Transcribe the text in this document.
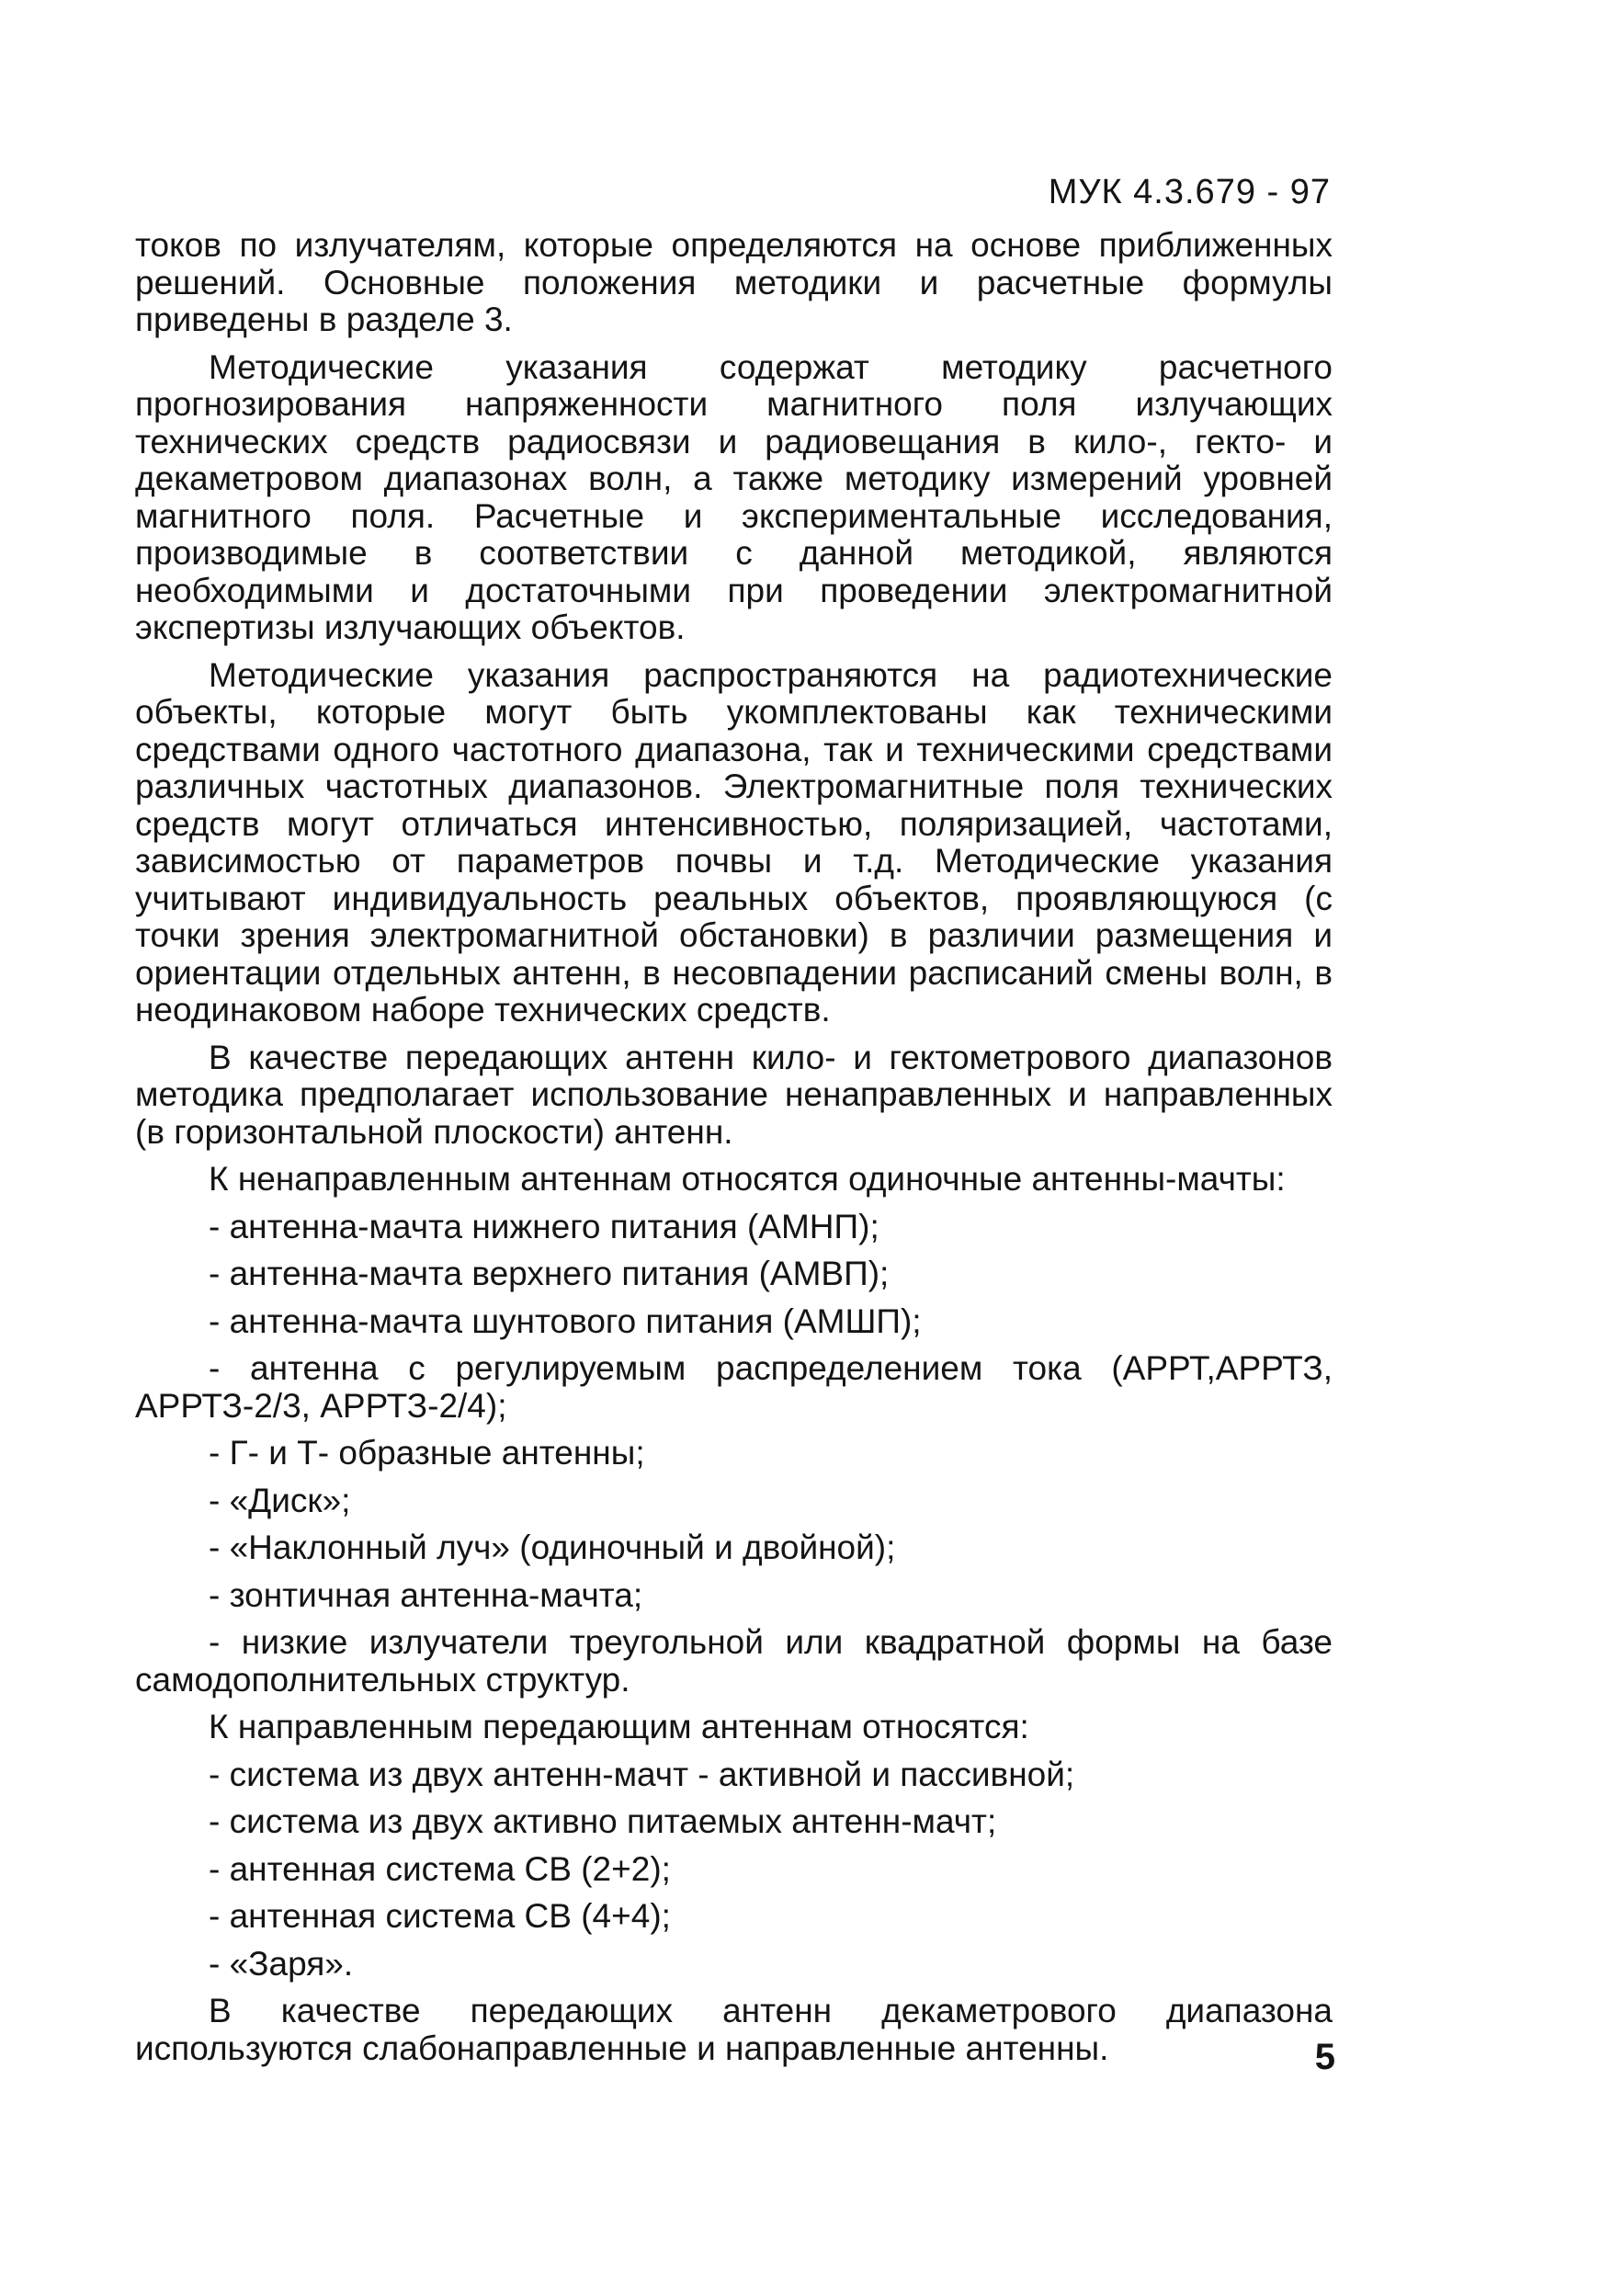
МУК 4.3.679 - 97

токов по излучателям, которые определяются на основе приближенных решений. Основные положения методики и расчетные формулы приведены в разделе 3.

Методические указания содержат методику расчетного прогнозирования напряженности магнитного поля излучающих технических средств радиосвязи и радиовещания в кило-, гекто- и декаметровом диапазонах волн, а также методику измерений уровней магнитного поля. Расчетные и экспериментальные исследования, производимые в соответствии с данной методикой, являются необходимыми и достаточными при проведении электромагнитной экспертизы излучающих объектов.

Методические указания распространяются на радиотехнические объекты, которые могут быть укомплектованы как техническими средствами одного частотного диапазона, так и техническими средствами различных частотных диапазонов. Электромагнитные поля технических средств могут отличаться интенсивностью, поляризацией, частотами, зависимостью от параметров почвы и т.д. Методические указания учитывают индивидуальность реальных объектов, проявляющуюся (с точки зрения электромагнитной обстановки) в различии размещения и ориентации отдельных антенн, в несовпадении расписаний смены волн, в неодинаковом наборе технических средств.

В качестве передающих антенн кило- и гектометрового диапазонов методика предполагает использование ненаправленных и направленных (в горизонтальной плоскости) антенн.

К ненаправленным антеннам относятся одиночные антенны-мачты:

- антенна-мачта нижнего питания (АМНП);

- антенна-мачта верхнего питания (АМВП);

- антенна-мачта шунтового питания (АМШП);

- антенна с регулируемым распределением тока (АРРТ,АРРТЗ, АРРТЗ-2/3, АРРТЗ-2/4);

- Г- и Т- образные антенны;

- «Диск»;

- «Наклонный луч» (одиночный и двойной);

- зонтичная антенна-мачта;

- низкие излучатели треугольной или квадратной формы на базе самодополнительных структур.

К направленным передающим антеннам относятся:

- система из двух антенн-мачт - активной и пассивной;

- система из двух активно питаемых антенн-мачт;

- антенная система СВ (2+2);

- антенная система СВ (4+4);

- «Заря».

В качестве передающих антенн декаметрового диапазона используются слабонаправленные и направленные антенны.	5
